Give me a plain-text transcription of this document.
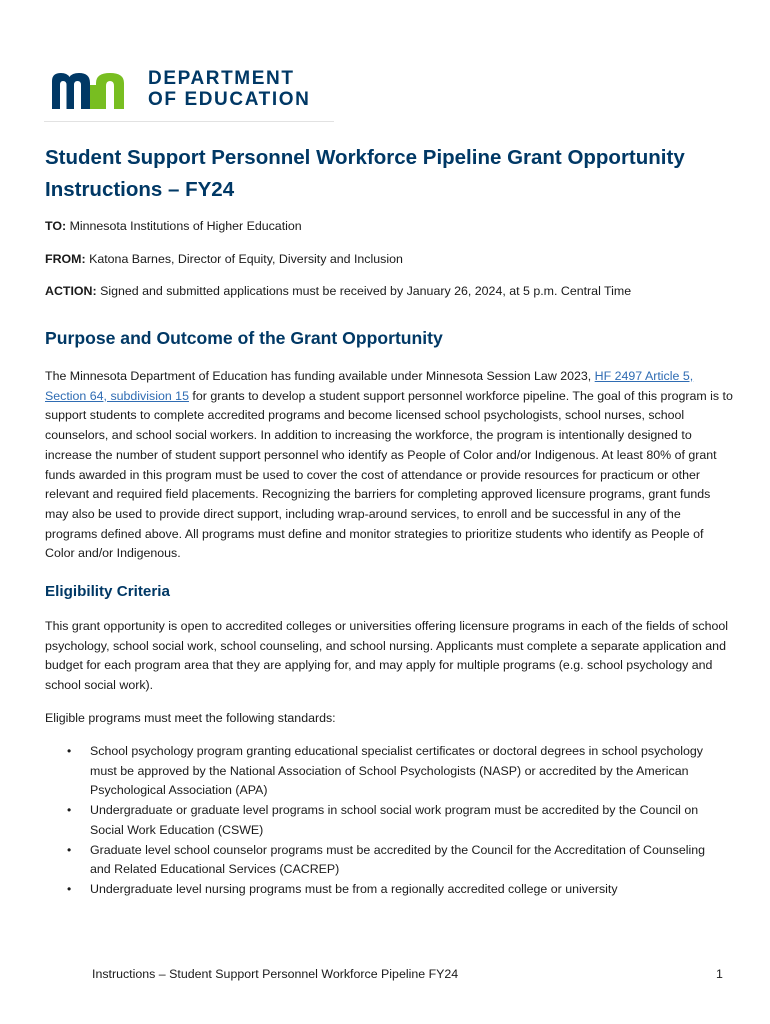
DEPARTMENT
OF EDUCATION
Student Support Personnel Workforce Pipeline Grant Opportunity Instructions – FY24
TO: Minnesota Institutions of Higher Education
FROM: Katona Barnes, Director of Equity, Diversity and Inclusion
ACTION: Signed and submitted applications must be received by January 26, 2024, at 5 p.m. Central Time
Purpose and Outcome of the Grant Opportunity

The Minnesota Department of Education has funding available under Minnesota Session Law 2023, HF 2497 Article 5, Section 64, subdivision 15 for grants to develop a student support personnel workforce pipeline. The goal of this program is to support students to complete accredited programs and become licensed school psychologists, school nurses, school counselors, and school social workers. In addition to increasing the workforce, the program is intentionally designed to increase the number of student support personnel who identify as People of Color and/or Indigenous. At least 80% of grant funds awarded in this program must be used to cover the cost of attendance or provide resources for practicum or other relevant and required field placements. Recognizing the barriers for completing approved licensure programs, grant funds may also be used to provide direct support, including wrap-around services, to enroll and be successful in any of the programs defined above. All programs must define and monitor strategies to prioritize students who identify as People of Color and/or Indigenous.

Eligibility Criteria

This grant opportunity is open to accredited colleges or universities offering licensure programs in each of the fields of school psychology, school social work, school counseling, and school nursing. Applicants must complete a separate application and budget for each program area that they are applying for, and may apply for multiple programs (e.g. school psychology and school social work).

Eligible programs must meet the following standards:

• School psychology program granting educational specialist certificates or doctoral degrees in school psychology must be approved by the National Association of School Psychologists (NASP) or accredited by the American Psychological Association (APA)
• Undergraduate or graduate level programs in school social work program must be accredited by the Council on Social Work Education (CSWE)
• Graduate level school counselor programs must be accredited by the Council for the Accreditation of Counseling and Related Educational Services (CACREP)
• Undergraduate level nursing programs must be from a regionally accredited college or university
Instructions – Student Support Personnel Workforce Pipeline FY24	1
